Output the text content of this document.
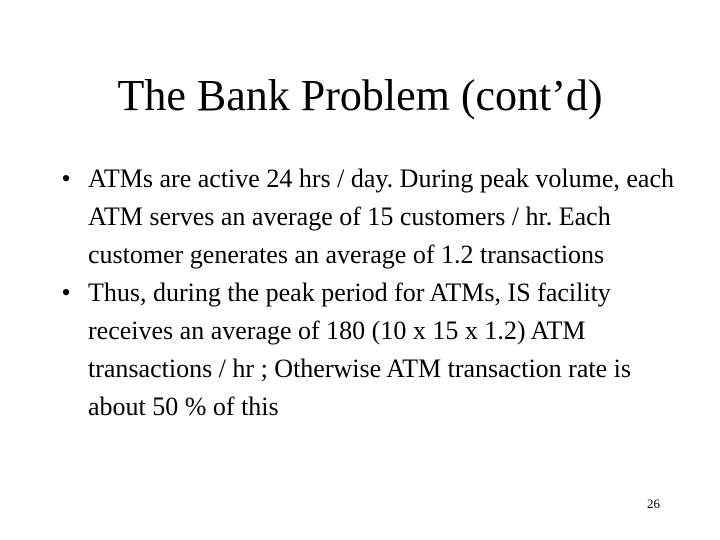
The Bank Problem (cont’d)
• ATMs are active 24 hrs / day. During peak volume, each ATM serves an average of 15 customers / hr. Each customer generates an average of 1.2 transactions
• Thus, during the peak period for ATMs, IS facility receives an average of 180 (10 x 15 x 1.2) ATM transactions / hr ; Otherwise ATM transaction rate is about 50 % of this
26
